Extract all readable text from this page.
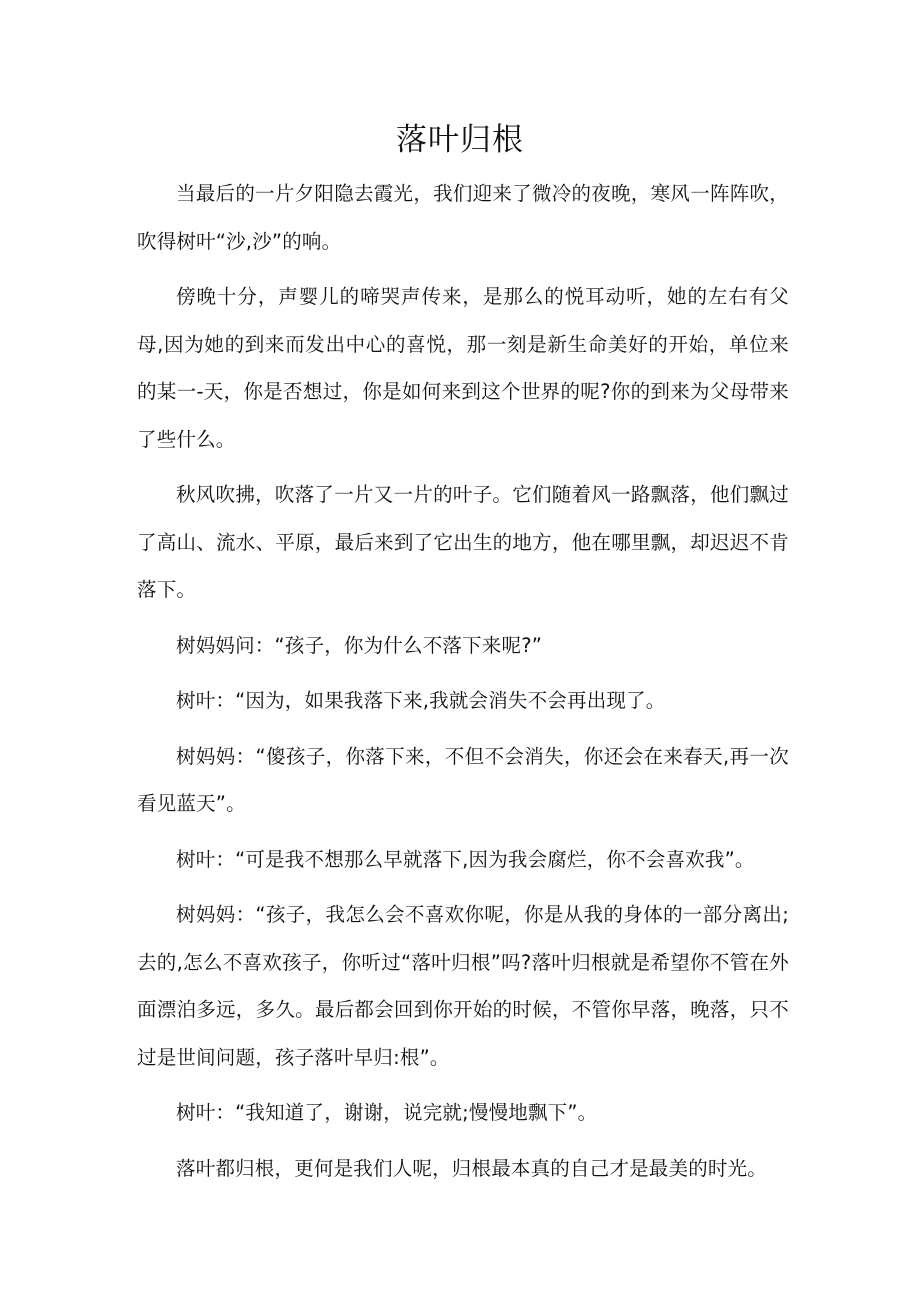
落叶归根

当最后的一片夕阳隐去霞光，我们迎来了微冷的夜晚，寒风一阵阵吹，吹得树叶“沙,沙”的响。

傍晚十分，声婴儿的啼哭声传来，是那么的悦耳动听，她的左右有父母,因为她的到来而发出中心的喜悦，那一刻是新生命美好的开始，单位来的某一-天，你是否想过，你是如何来到这个世界的呢?你的到来为父母带来了些什么。

秋风吹拂，吹落了一片又一片的叶子。它们随着风一路飘落，他们飘过了高山、流水、平原，最后来到了它出生的地方，他在哪里飘，却迟迟不肯落下。

树妈妈问：“孩子，你为什么不落下来呢?”

树叶：“因为，如果我落下来,我就会消失不会再出现了。

树妈妈：“傻孩子，你落下来，不但不会消失，你还会在来春天,再一次看见蓝天”。

树叶：“可是我不想那么早就落下,因为我会腐烂，你不会喜欢我”。

树妈妈：“孩子，我怎么会不喜欢你呢，你是从我的身体的一部分离出;去的,怎么不喜欢孩子，你听过“落叶归根”吗?落叶归根就是希望你不管在外面漂泊多远，多久。最后都会回到你开始的时候，不管你早落，晚落，只不过是世间问题，孩子落叶早归:根”。

树叶：“我知道了，谢谢，说完就;慢慢地飘下”。

落叶都归根，更何是我们人呢，归根最本真的自己才是最美的时光。
